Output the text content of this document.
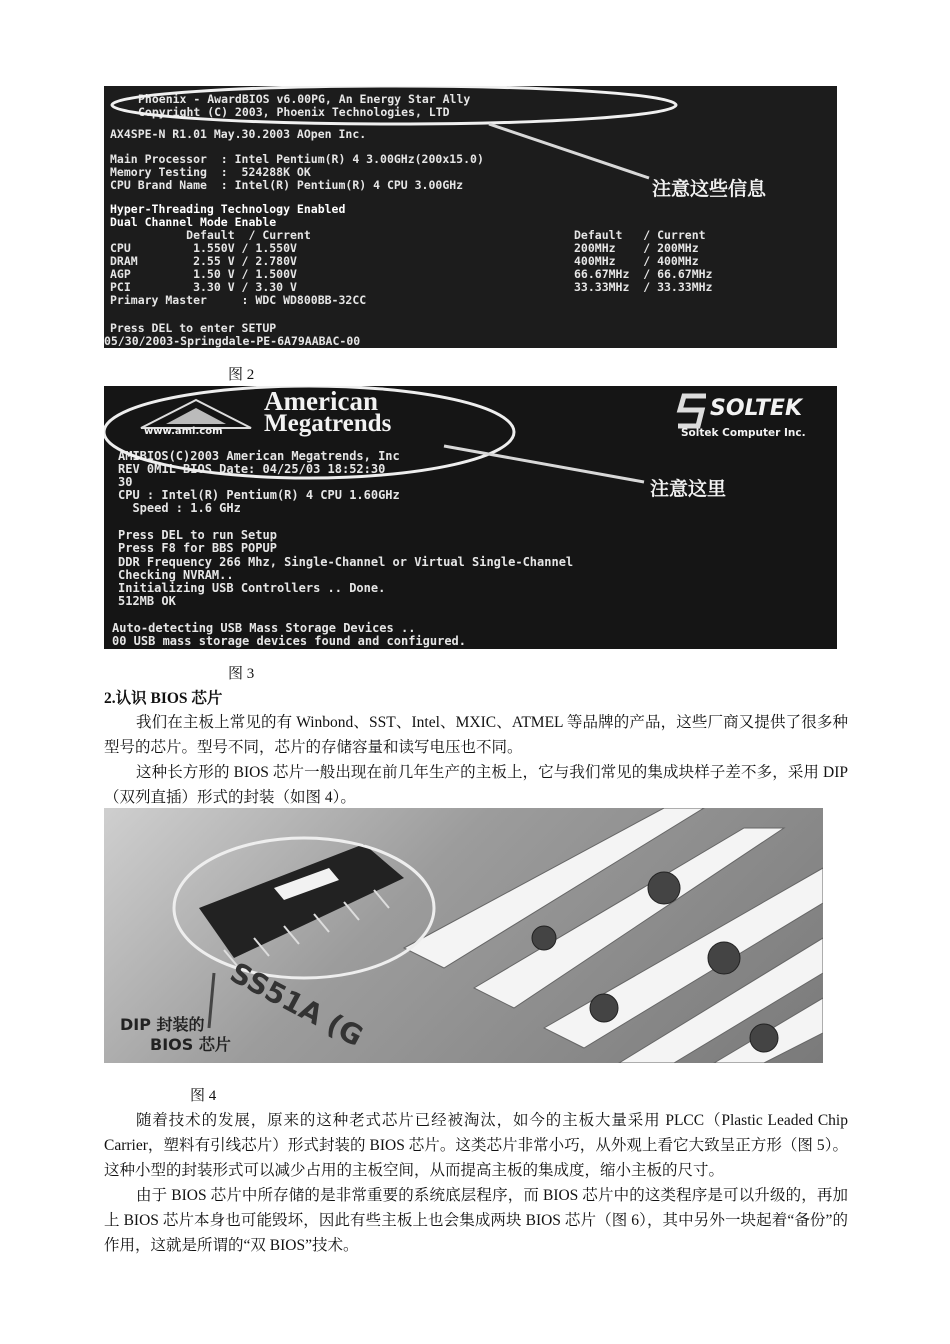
Phoenix - AwardBIOS v6.00PG, An Energy Star Ally
Copyright (C) 2003, Phoenix Technologies, LTD
AX4SPE-N R1.01 May.30.2003 AOpen Inc.
Main Processor  : Intel Pentium(R) 4 3.00GHz(200x15.0)
Memory Testing  :  524288K OK
CPU Brand Name  : Intel(R) Pentium(R) 4 CPU 3.00GHz
Hyper-Threading Technology Enabled
Dual Channel Mode Enable
Default  / Current
CPU         1.550V / 1.550V
DRAM        2.55 V / 2.780V
AGP         1.50 V / 1.500V
PCI         3.30 V / 3.30 V
Primary Master     : WDC WD800BB-32CC
Press DEL to enter SETUP
05/30/2003-Springdale-PE-6A79AABAC-00
Default   / Current
200MHz    / 200MHz
400MHz    / 400MHz
66.67MHz  / 66.67MHz
33.33MHz  / 33.33MHz
注意这些信息
图 2
American
Megatrends
www.ami.com
SOLTEK
Soltek Computer Inc.
AMIBIOS(C)2003 American Megatrends, Inc
REV 0M1L BIOS Date: 04/25/03 18:52:30
30
CPU : Intel(R) Pentium(R) 4 CPU 1.60GHz
Speed : 1.6 GHz
Press DEL to run Setup
Press F8 for BBS POPUP
DDR Frequency 266 Mhz, Single-Channel or Virtual Single-Channel
Checking NVRAM..
Initializing USB Controllers .. Done.
512MB OK
Auto-detecting USB Mass Storage Devices ..
00 USB mass storage devices found and configured.
注意这里
图 3
2.认识 BIOS 芯片
我们在主板上常见的有 Winbond、SST、Intel、MXIC、ATMEL 等品牌的产品，这些厂商又提供了很多种型号的芯片。型号不同，芯片的存储容量和读写电压也不同。
这种长方形的 BIOS 芯片一般出现在前几年生产的主板上，它与我们常见的集成块样子差不多，采用 DIP（双列直插）形式的封装（如图 4）。
SS51A (G
DIP 封装的
BIOS 芯片
图 4
随着技术的发展，原来的这种老式芯片已经被淘汰，如今的主板大量采用 PLCC（Plastic Leaded Chip Carrier，塑料有引线芯片）形式封装的 BIOS 芯片。这类芯片非常小巧，从外观上看它大致呈正方形（图 5）。这种小型的封装形式可以减少占用的主板空间，从而提高主板的集成度，缩小主板的尺寸。
由于 BIOS 芯片中所存储的是非常重要的系统底层程序，而 BIOS 芯片中的这类程序是可以升级的，再加上 BIOS 芯片本身也可能毁坏，因此有些主板上也会集成两块 BIOS 芯片（图 6），其中另外一块起着“备份”的作用，这就是所谓的“双 BIOS”技术。
